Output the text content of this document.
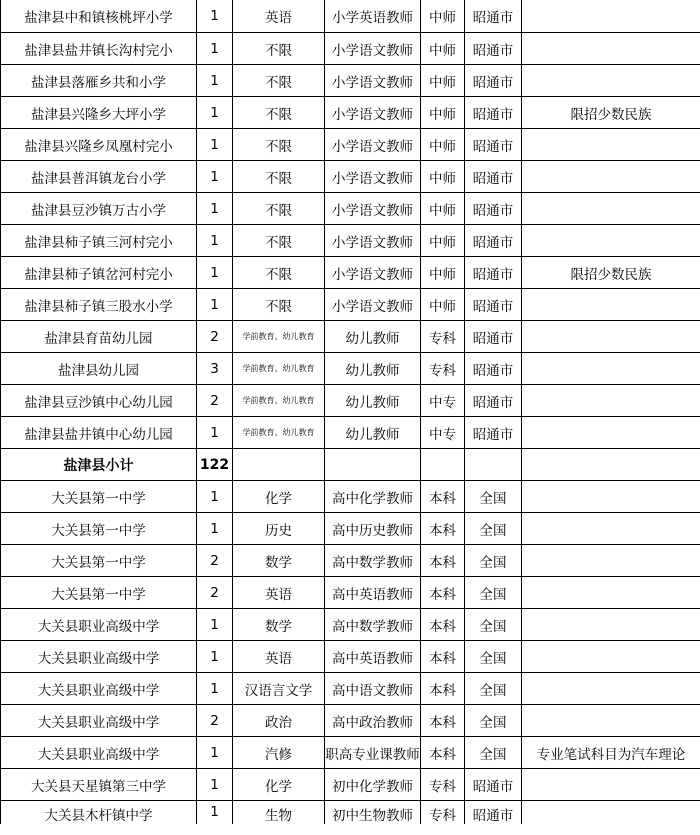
盐津县中和镇核桃坪小学	1	英语	小学英语教师	中师	昭通市	
盐津县盐井镇长沟村完小	1	不限	小学语文教师	中师	昭通市	
盐津县落雁乡共和小学	1	不限	小学语文教师	中师	昭通市	
盐津县兴隆乡大坪小学	1	不限	小学语文教师	中师	昭通市	限招少数民族
盐津县兴隆乡凤凰村完小	1	不限	小学语文教师	中师	昭通市	
盐津县普洱镇龙台小学	1	不限	小学语文教师	中师	昭通市	
盐津县豆沙镇万古小学	1	不限	小学语文教师	中师	昭通市	
盐津县柿子镇三河村完小	1	不限	小学语文教师	中师	昭通市	
盐津县柿子镇岔河村完小	1	不限	小学语文教师	中师	昭通市	限招少数民族
盐津县柿子镇三股水小学	1	不限	小学语文教师	中师	昭通市	
盐津县育苗幼儿园	2	学前教育、幼儿教育	幼儿教师	专科	昭通市	
盐津县幼儿园	3	学前教育、幼儿教育	幼儿教师	专科	昭通市	
盐津县豆沙镇中心幼儿园	2	学前教育、幼儿教育	幼儿教师	中专	昭通市	
盐津县盐井镇中心幼儿园	1	学前教育、幼儿教育	幼儿教师	中专	昭通市	
盐津县小计	122					
大关县第一中学	1	化学	高中化学教师	本科	全国	
大关县第一中学	1	历史	高中历史教师	本科	全国	
大关县第一中学	2	数学	高中数学教师	本科	全国	
大关县第一中学	2	英语	高中英语教师	本科	全国	
大关县职业高级中学	1	数学	高中数学教师	本科	全国	
大关县职业高级中学	1	英语	高中英语教师	本科	全国	
大关县职业高级中学	1	汉语言文学	高中语文教师	本科	全国	
大关县职业高级中学	2	政治	高中政治教师	本科	全国	
大关县职业高级中学	1	汽修	职高专业课教师	本科	全国	专业笔试科目为汽车理论
大关县天星镇第三中学	1	化学	初中化学教师	专科	昭通市	
大关县木杆镇中学	1	生物	初中生物教师	专科	昭通市	
